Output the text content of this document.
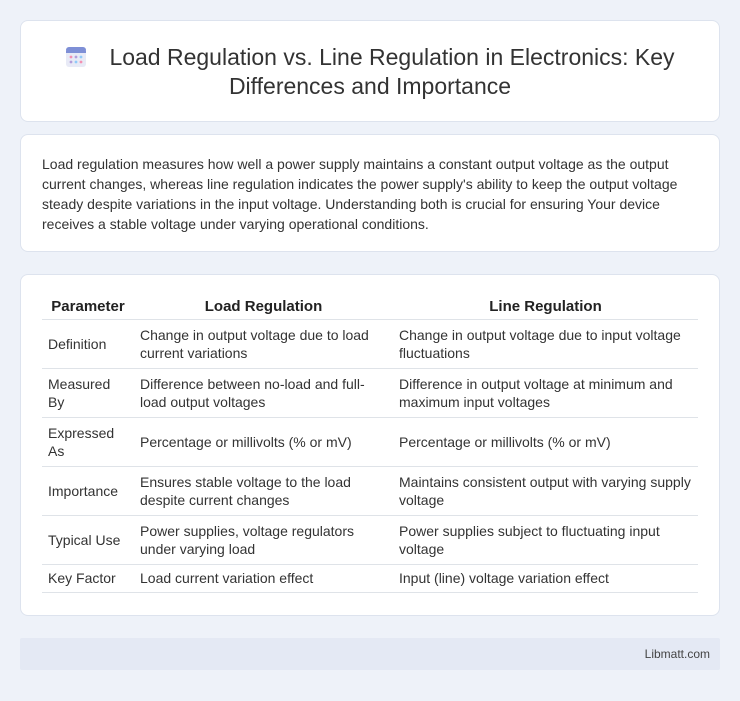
Load Regulation vs. Line Regulation in Electronics: Key Differences and Importance

Load regulation measures how well a power supply maintains a constant output voltage as the output current changes, whereas line regulation indicates the power supply's ability to keep the output voltage steady despite variations in the input voltage. Understanding both is crucial for ensuring Your device receives a stable voltage under varying operational conditions.

Parameter	Load Regulation	Line Regulation
Definition	Change in output voltage due to load current variations	Change in output voltage due to input voltage fluctuations
Measured By	Difference between no-load and full-load output voltages	Difference in output voltage at minimum and maximum input voltages
Expressed As	Percentage or millivolts (% or mV)	Percentage or millivolts (% or mV)
Importance	Ensures stable voltage to the load despite current changes	Maintains consistent output with varying supply voltage
Typical Use	Power supplies, voltage regulators under varying load	Power supplies subject to fluctuating input voltage
Key Factor	Load current variation effect	Input (line) voltage variation effect
Libmatt.com
